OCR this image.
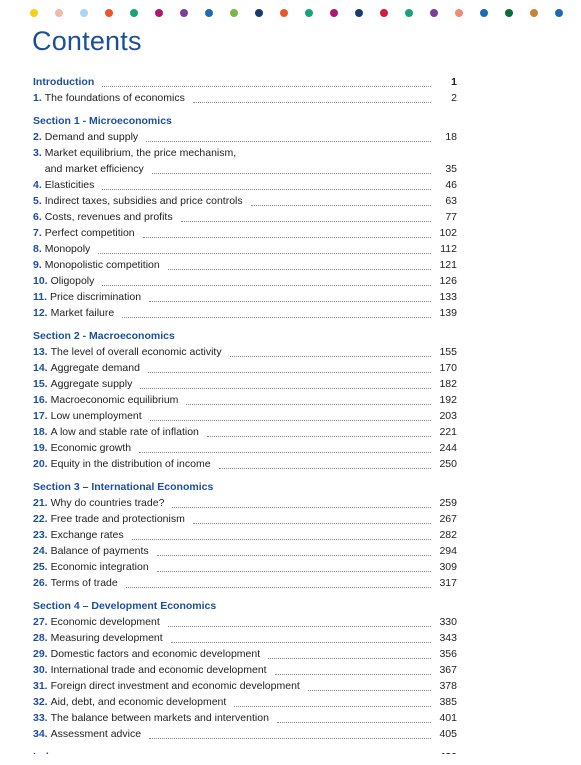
Contents
Introduction	1
1. The foundations of economics	2
Section 1 - Microeconomics
2. Demand and supply	18
3. Market equilibrium, the price mechanism,
and market efficiency	35
4. Elasticities	46
5. Indirect taxes, subsidies and price controls	63
6. Costs, revenues and profits	77
7. Perfect competition	102
8. Monopoly	112
9. Monopolistic competition	121
10. Oligopoly	126
11. Price discrimination	133
12. Market failure	139
Section 2 - Macroeconomics
13. The level of overall economic activity	155
14. Aggregate demand	170
15. Aggregate supply	182
16. Macroeconomic equilibrium	192
17. Low unemployment	203
18. A low and stable rate of inflation	221
19. Economic growth	244
20. Equity in the distribution of income	250
Section 3 – International Economics
21. Why do countries trade?	259
22. Free trade and protectionism	267
23. Exchange rates	282
24. Balance of payments	294
25. Economic integration	309
26. Terms of trade	317
Section 4 – Development Economics
27. Economic development	330
28. Measuring development	343
29. Domestic factors and economic development	356
30. International trade and economic development	367
31. Foreign direct investment and economic development	378
32. Aid, debt, and economic development	385
33. The balance between markets and intervention	401
34. Assessment advice	405
